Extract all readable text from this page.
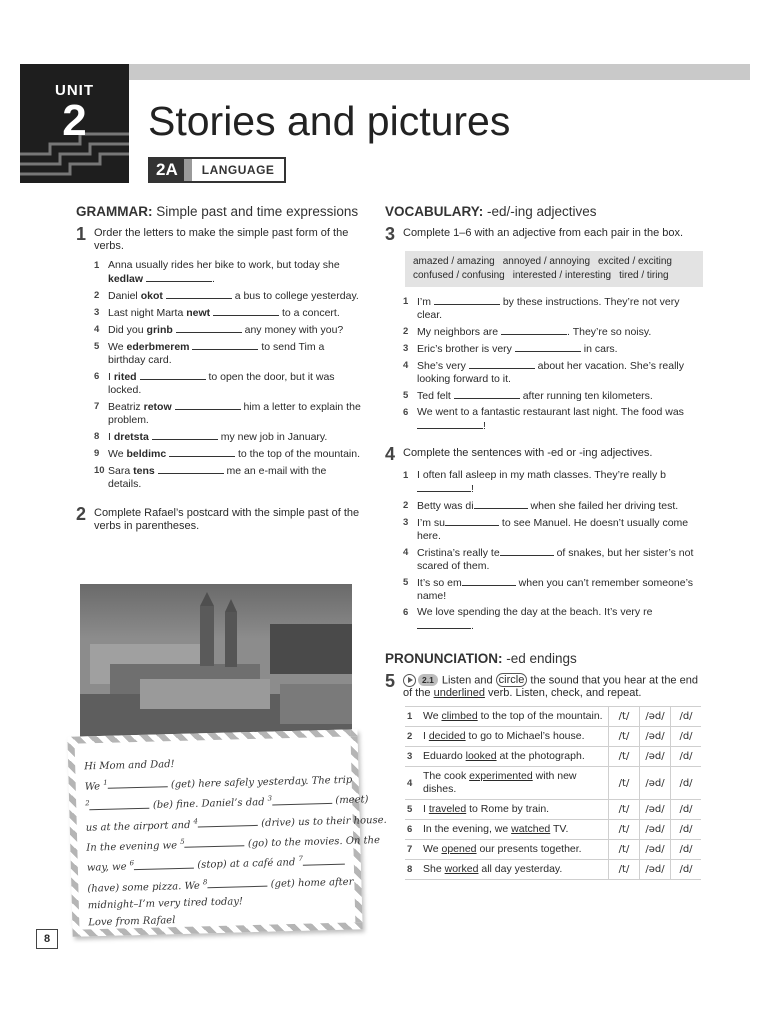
UNIT
2	Stories and pictures
2A	LANGUAGE
GRAMMAR: Simple past and time expressions
1 Order the letters to make the simple past form of the verbs.
1 Anna usually rides her bike to work, but today she kedlaw	.
2 Daniel okot	a bus to college yesterday.
3 Last night Marta newt	to a concert.
4 Did you grinb	any money with you?
5 We ederbmerem	to send Tim a birthday card.
6 I rited	to open the door, but it was locked.
7 Beatriz retow	him a letter to explain the problem.
8 I dretsta	my new job in January.
9 We beldimc	to the top of the mountain.
10 Sara tens	me an e-mail with the details.
2 Complete Rafael’s postcard with the simple past of the verbs in parentheses.
Hi Mom and Dad!
We $^1$	(get) here safely yesterday. The trip
$^2$	(be) fine. Daniel’s dad $^3$	(meet)
us at the airport and $^4$	(drive) us to their house.
In the evening we $^5$	(go) to the movies. On the
way, we $^6$	(stop) at a café and $^7$
(have) some pizza. We $^8$	(get) home after
midnight–I’m very tired today!
Love from Rafael
8
VOCABULARY: -ed/-ing adjectives
3 Complete 1–6 with an adjective from each pair in the box.
amazed / amazing annoyed / annoying excited / exciting
confused / confusing interested / interesting tired / tiring
1 I’m	by these instructions. They’re not very clear.
2 My neighbors are	. They’re so noisy.
3 Eric’s brother is very	in cars.
4 She’s very	about her vacation. She’s really looking forward to it.
5 Ted felt	after running ten kilometers.
6 We went to a fantastic restaurant last night. The food was !
4 Complete the sentences with -ed or -ing adjectives.
1 I often fall asleep in my math classes. They’re really b!
2 Betty was di	when she failed her driving test.
3 I’m su	to see Manuel. He doesn’t usually come here.
4 Cristina’s really te	of snakes, but her sister’s not scared of them.
5 It’s so em	when you can’t remember someone’s name!
6 We love spending the day at the beach. It’s very re.
PRONUNCIATION: -ed endings
5	2.1 Listen and circle the sound that you hear at the end of the underlined verb. Listen, check, and repeat.
1	We climbed to the top of the mountain.	/t/	/əd/	/d/
2	I decided to go to Michael’s house.	/t/	/əd/	/d/
3	Eduardo looked at the photograph.	/t/	/əd/	/d/
4	The cook experimented with new dishes.	/t/	/əd/	/d/
5	I traveled to Rome by train.	/t/	/əd/	/d/
6	In the evening, we watched TV.	/t/	/əd/	/d/
7	We opened our presents together.	/t/	/əd/	/d/
8	She worked all day yesterday.	/t/	/əd/	/d/
